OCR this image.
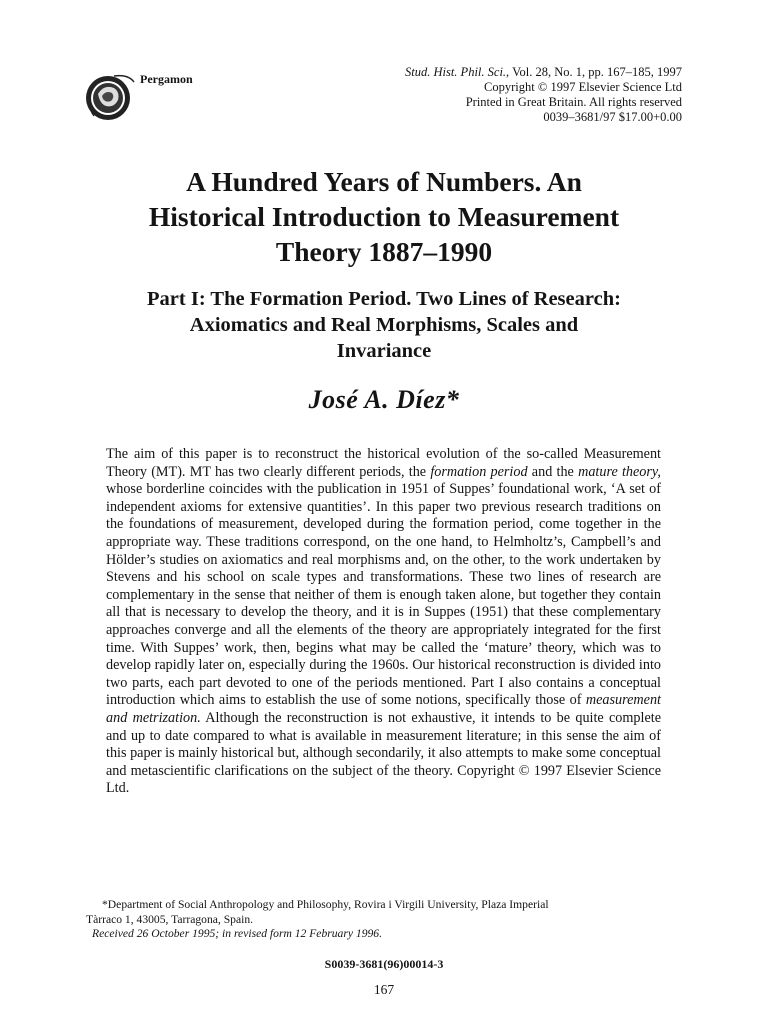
Pergamon	Stud. Hist. Phil. Sci., Vol. 28, No. 1, pp. 167–185, 1997
Copyright © 1997 Elsevier Science Ltd
Printed in Great Britain. All rights reserved
0039–3681/97 $17.00+0.00
A Hundred Years of Numbers. An
Historical Introduction to Measurement
Theory 1887–1990
Part I: The Formation Period. Two Lines of Research:
Axiomatics and Real Morphisms, Scales and
Invariance
José A. Díez*
The aim of this paper is to reconstruct the historical evolution of the so-called Measurement Theory (MT). MT has two clearly different periods, the formation period and the mature theory, whose borderline coincides with the publication in 1951 of Suppes’ foundational work, ‘A set of independent axioms for extensive quantities’. In this paper two previous research traditions on the foundations of measurement, developed during the formation period, come together in the appropriate way. These traditions correspond, on the one hand, to Helmholtz’s, Campbell’s and Hölder’s studies on axiomatics and real morphisms and, on the other, to the work undertaken by Stevens and his school on scale types and transformations. These two lines of research are complementary in the sense that neither of them is enough taken alone, but together they contain all that is necessary to develop the theory, and it is in Suppes (1951) that these complementary approaches converge and all the elements of the theory are appropriately integrated for the first time. With Suppes’ work, then, begins what may be called the ‘mature’ theory, which was to develop rapidly later on, especially during the 1960s. Our historical reconstruction is divided into two parts, each part devoted to one of the periods mentioned. Part I also contains a conceptual introduction which aims to establish the use of some notions, specifically those of measurement and metrization. Although the reconstruction is not exhaustive, it intends to be quite complete and up to date compared to what is available in measurement literature; in this sense the aim of this paper is mainly historical but, although secondarily, it also attempts to make some conceptual and metascientific clarifications on the subject of the theory. Copyright © 1997 Elsevier Science Ltd.
*Department of Social Anthropology and Philosophy, Rovira i Virgili University, Plaza Imperial
Tàrraco 1, 43005, Tarragona, Spain.
Received 26 October 1995; in revised form 12 February 1996.
S0039-3681(96)00014-3
167
